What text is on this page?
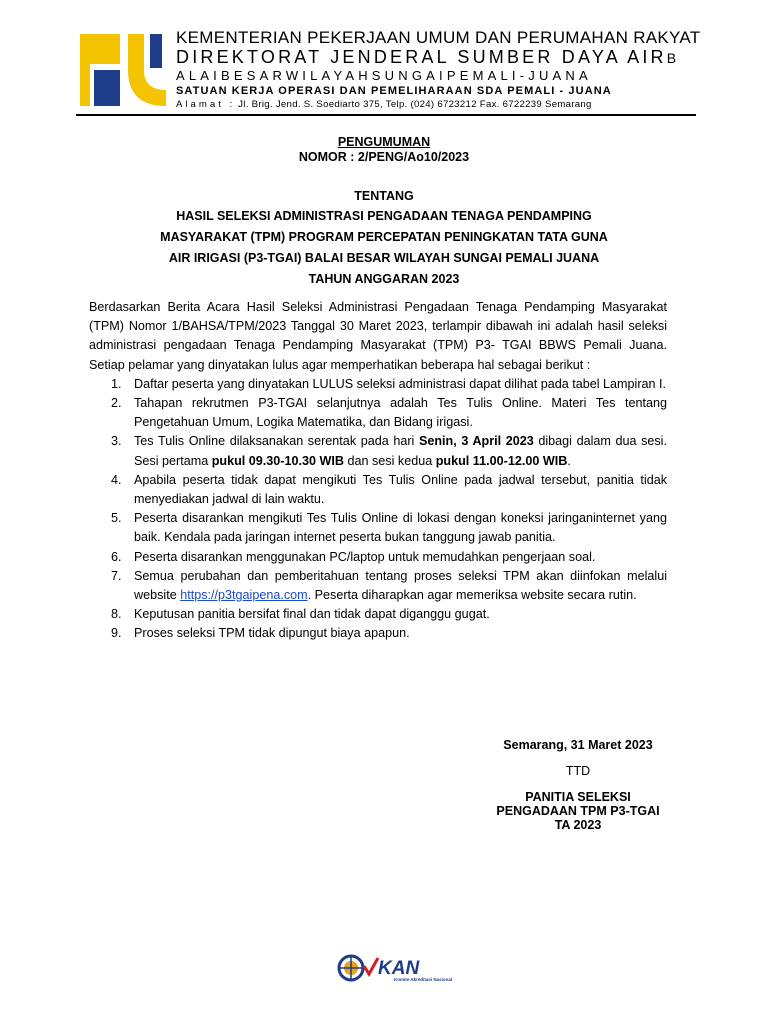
KEMENTERIAN PEKERJAAN UMUM DAN PERUMAHAN RAKYAT
DIREKTORAT JENDERAL SUMBER DAYA AIRB
ALAIBESARWILAYAHSUNGAIPEMALI-JUANA
SATUAN KERJA OPERASI DAN PEMELIHARAAN SDA PEMALI - JUANA
Alamat : Jl. Brig. Jend. S. Soediarto 375, Telp. (024) 6723212 Fax. 6722239 Semarang
PENGUMUMAN
NOMOR : 2/PENG/Ao10/2023
TENTANG
HASIL SELEKSI ADMINISTRASI PENGADAAN TENAGA PENDAMPING
MASYARAKAT (TPM) PROGRAM PERCEPATAN PENINGKATAN TATA GUNA
AIR IRIGASI (P3-TGAI) BALAI BESAR WILAYAH SUNGAI PEMALI JUANA
TAHUN ANGGARAN 2023
Berdasarkan Berita Acara Hasil Seleksi Administrasi Pengadaan Tenaga Pendamping Masyarakat (TPM) Nomor 1/BAHSA/TPM/2023 Tanggal 30 Maret 2023, terlampir dibawah ini adalah hasil seleksi administrasi pengadaan Tenaga Pendamping Masyarakat (TPM) P3- TGAI BBWS Pemali Juana. Setiap pelamar yang dinyatakan lulus agar memperhatikan beberapa hal sebagai berikut :
1. Daftar peserta yang dinyatakan LULUS seleksi administrasi dapat dilihat pada tabel Lampiran I.
2. Tahapan rekrutmen P3-TGAI selanjutnya adalah Tes Tulis Online. Materi Tes tentang Pengetahuan Umum, Logika Matematika, dan Bidang irigasi.
3. Tes Tulis Online dilaksanakan serentak pada hari Senin, 3 April 2023 dibagi dalam dua sesi. Sesi pertama pukul 09.30-10.30 WIB dan sesi kedua pukul 11.00-12.00 WIB.
4. Apabila peserta tidak dapat mengikuti Tes Tulis Online pada jadwal tersebut, panitia tidak menyediakan jadwal di lain waktu.
5. Peserta disarankan mengikuti Tes Tulis Online di lokasi dengan koneksi jaringaninternet yang baik. Kendala pada jaringan internet peserta bukan tanggung jawab panitia.
6. Peserta disarankan menggunakan PC/laptop untuk memudahkan pengerjaan soal.
7. Semua perubahan dan pemberitahuan tentang proses seleksi TPM akan diinfokan melalui website https://p3tgaipena.com. Peserta diharapkan agar memeriksa website secara rutin.
8. Keputusan panitia bersifat final dan tidak dapat diganggu gugat.
9. Proses seleksi TPM tidak dipungut biaya apapun.
Semarang, 31 Maret 2023
TTD
PANITIA SELEKSI
PENGADAAN TPM P3-TGAI
TA 2023
KAN
Komite Akreditasi Nasional
